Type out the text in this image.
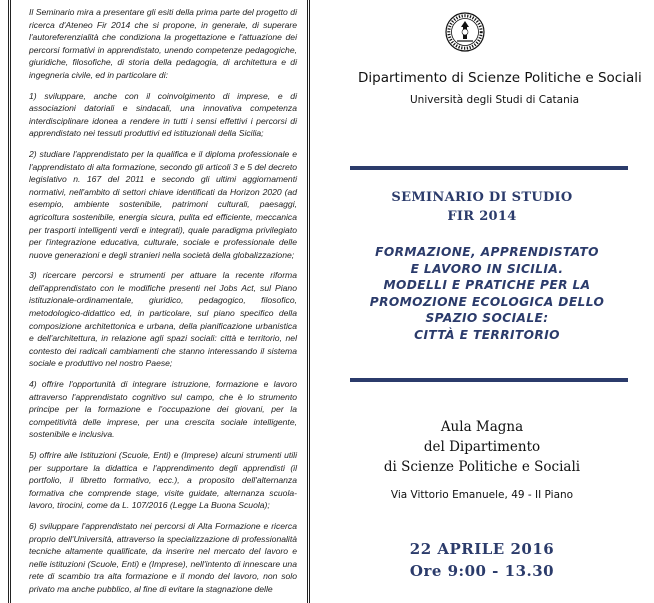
Il Seminario mira a presentare gli esiti della prima parte del progetto di ricerca d'Ateneo Fir 2014 che si propone, in generale, di superare l'autoreferenzialità che condiziona la progettazione e l'attuazione dei percorsi formativi in apprendistato, unendo competenze pedagogiche, giuridiche, filosofiche, di storia della pedagogia, di architettura e di ingegneria civile, ed in particolare di:

1) sviluppare, anche con il coinvolgimento di imprese, e di associazioni datoriali e sindacali, una innovativa competenza interdisciplinare idonea a rendere in tutti i sensi effettivi i percorsi di apprendistato nei tessuti produttivi ed istituzionali della Sicilia;

2) studiare l'apprendistato per la qualifica e il diploma professionale e l'apprendistato di alta formazione, secondo gli articoli 3 e 5 del decreto legislativo n. 167 del 2011 e secondo gli ultimi aggiornamenti normativi, nell'ambito di settori chiave identificati da Horizon 2020 (ad esempio, ambiente sostenibile, patrimoni culturali, paesaggi, agricoltura sostenibile, energia sicura, pulita ed efficiente, meccanica per trasporti intelligenti verdi e integrati), quale paradigma privilegiato per l'integrazione educativa, culturale, sociale e professionale delle nuove generazioni e degli stranieri nella società della globalizzazione;

3) ricercare percorsi e strumenti per attuare la recente riforma dell'apprendistato con le modifiche presenti nel Jobs Act, sul Piano istituzionale-ordinamentale, giuridico, pedagogico, filosofico, metodologico-didattico ed, in particolare, sul piano specifico della composizione architettonica e urbana, della pianificazione urbanistica e dell'architettura, in relazione agli spazi sociali: città e territorio, nel contesto dei radicali cambiamenti che stanno interessando il sistema sociale e produttivo nel nostro Paese;

4) offrire l'opportunità di integrare istruzione, formazione e lavoro attraverso l'apprendistato cognitivo sul campo, che è lo strumento principe per la formazione e l'occupazione dei giovani, per la competitività delle imprese, per una crescita sociale intelligente, sostenibile e inclusiva.

5) offrire alle Istituzioni (Scuole, Enti) e (Imprese) alcuni strumenti utili per supportare la didattica e l'apprendimento degli apprendisti (il portfolio, il libretto formativo, ecc.), a proposito dell'alternanza formativa che comprende stage, visite guidate, alternanza scuola-lavoro, tirocini, come da L. 107/2016 (Legge La Buona Scuola);

6) sviluppare l'apprendistato nei percorsi di Alta Formazione e ricerca proprio dell'Università, attraverso la specializzazione di professionalità tecniche altamente qualificate, da inserire nel mercato del lavoro e nelle istituzioni (Scuole, Enti) e (Imprese), nell'intento di innescare una rete di scambio tra alta formazione e il mondo del lavoro, non solo privato ma anche pubblico, al fine di evitare la stagnazione delle

Dipartimento di Scienze Politiche e Sociali
Università degli Studi di Catania
SEMINARIO DI STUDIO
FIR 2014
FORMAZIONE, APPRENDISTATO
E LAVORO IN SICILIA.
MODELLI E PRATICHE PER LA
PROMOZIONE ECOLOGICA DELLO
SPAZIO SOCIALE:
CITTÀ E TERRITORIO
Aula Magna
del Dipartimento
di Scienze Politiche e Sociali
Via Vittorio Emanuele, 49 - II Piano
22 APRILE 2016
Ore 9:00 - 13.30
